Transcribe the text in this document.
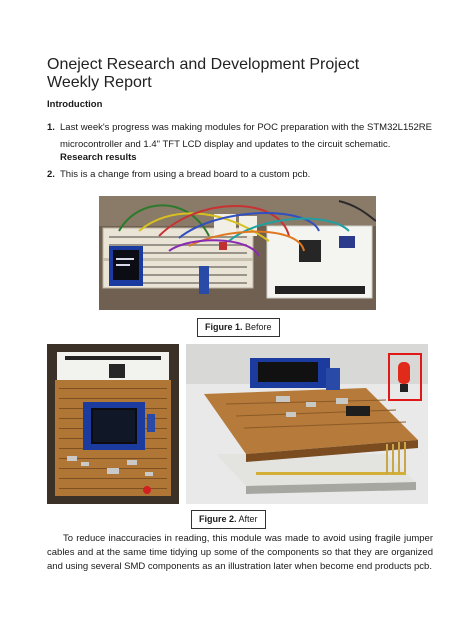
Oneject Research and Development Project
Weekly Report
Introduction
1. Last week's progress was making modules for POC preparation with the STM32L152RE microcontroller and 1.4" TFT LCD display and updates to the circuit schematic.
Research results
2. This is a change from using a bread board to a custom pcb.
Figure 1. Before
Figure 2. After
To reduce inaccuracies in reading, this module was made to avoid using fragile jumper cables and at the same time tidying up some of the components so that they are organized and using several SMD components as an illustration later when become end products pcb.
